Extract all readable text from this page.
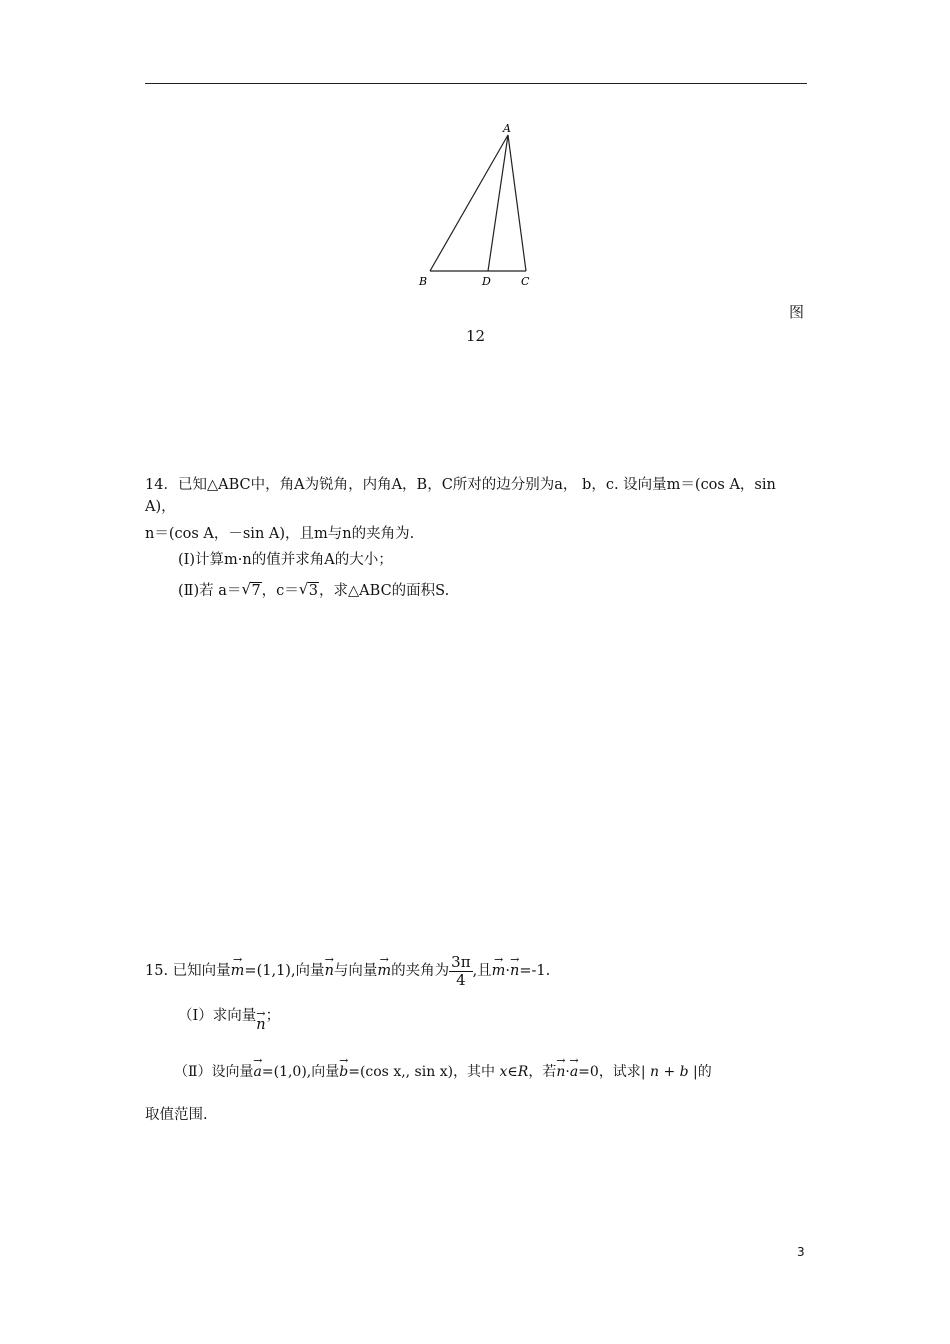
A
B	D	C
图
12
14．已知△ABC中，角A为锐角，内角A，B，C所对的边分别为a， b，c. 设向量m＝(cos A，sin
A)，
n＝(cos A，－sin A)，且m与n的夹角为.
(Ⅰ)计算m·n的值并求角A的大小；
(Ⅱ)若 a＝ √ 7，c＝ √ 3，求△ABC的面积S.
15. 已知向量→ m=(1,1),向量→ n与向量→ m的夹角为 $\frac{3\pi}{4}$ ,且→ m·→ n=-1.
（Ⅰ）求向量→ n；
（Ⅱ）设向量→ a=(1,0),向量→ b=(cos x,, sin x)，其中 x∈R，若→ n·→ a=0，试求| n + b |的
取值范围.
3
